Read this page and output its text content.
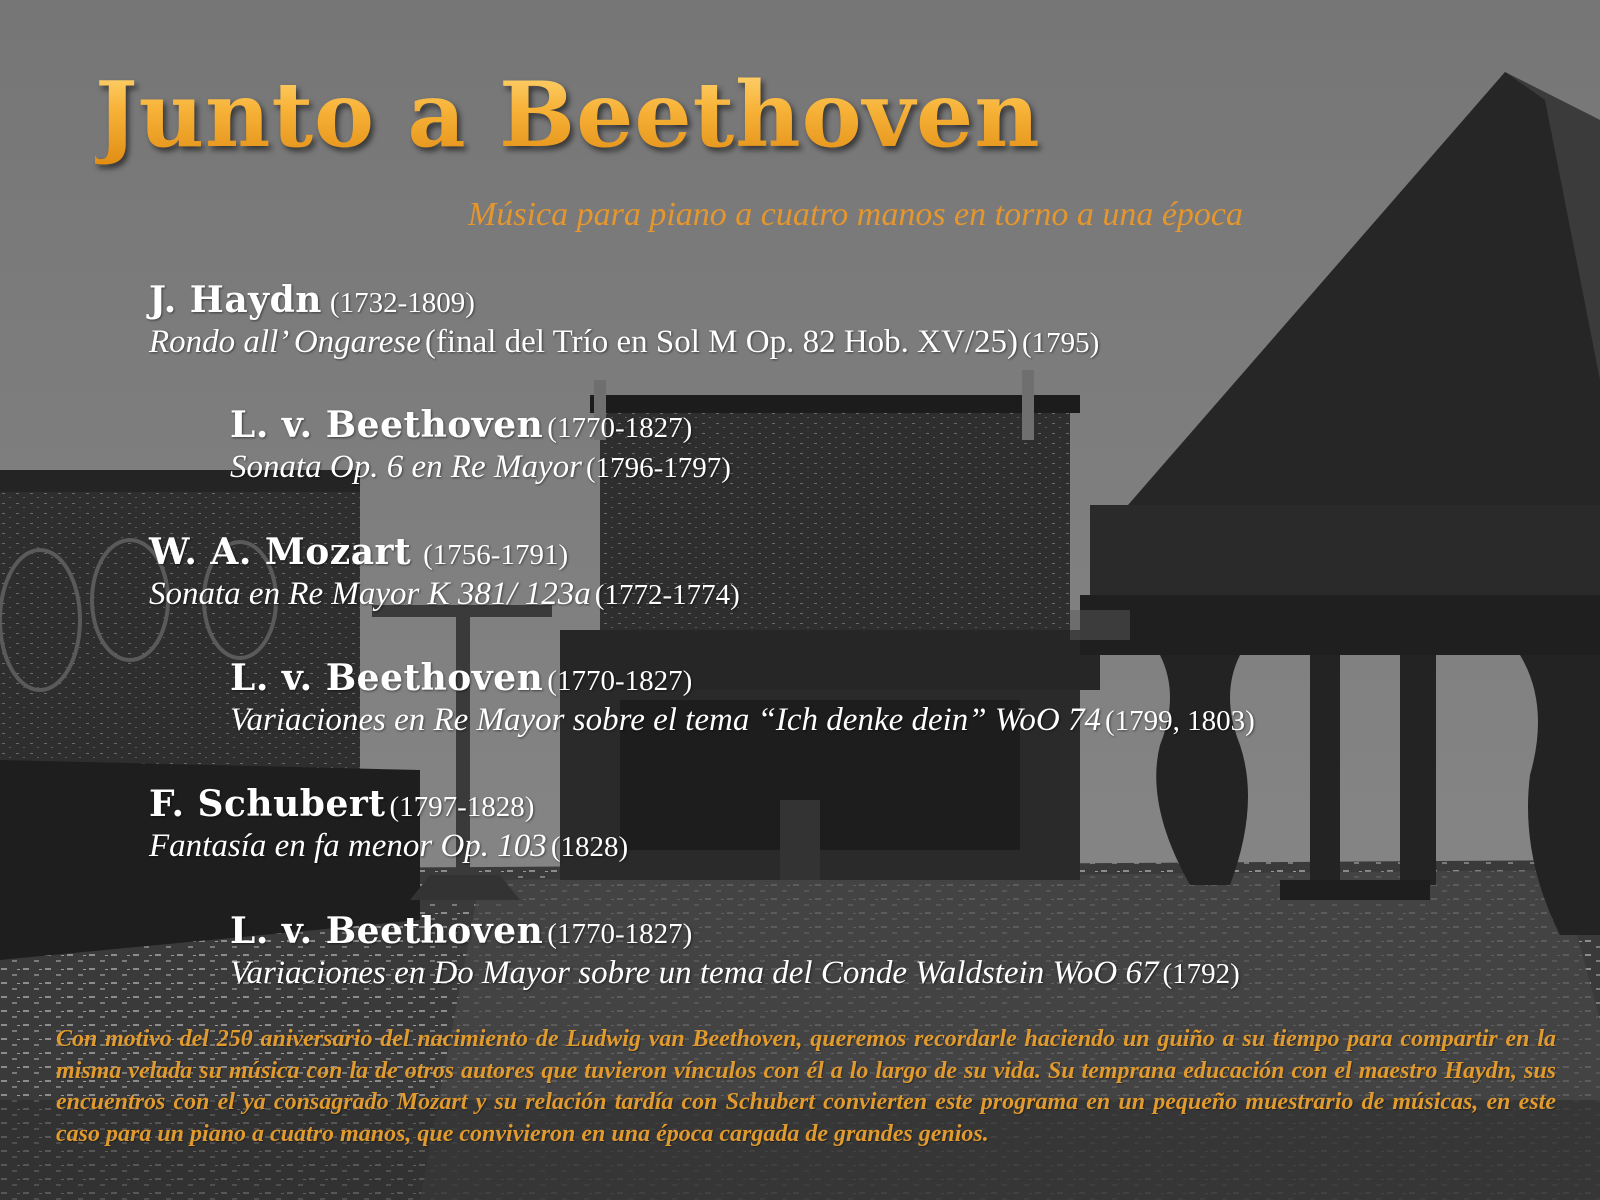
Junto a Beethoven
Música para piano a cuatro manos en torno a una época
J. Haydn (1732-1809)
Rondo all’ Ongarese (final del Trío en Sol M Op. 82 Hob. XV/25) (1795)
L. v. Beethoven (1770-1827)
Sonata Op. 6 en Re Mayor (1796-1797)
W. A. Mozart (1756-1791)
Sonata en Re Mayor K 381/ 123a (1772-1774)
L. v. Beethoven (1770-1827)
Variaciones en Re Mayor sobre el tema “Ich denke dein” WoO 74 (1799, 1803)
F. Schubert (1797-1828)
Fantasía en fa menor Op. 103 (1828)
L. v. Beethoven (1770-1827)
Variaciones en Do Mayor sobre un tema del Conde Waldstein WoO 67 (1792)

Con motivo del 250 aniversario del nacimiento de Ludwig van Beethoven, queremos recordarle haciendo un guiño a su tiempo para compartir en la misma velada su música con la de otros autores que tuvieron vínculos con él a lo largo de su vida. Su temprana educación con el maestro Haydn, sus encuentros con el ya consagrado Mozart y su relación tardía con Schubert convierten este programa en un pequeño muestrario de músicas, en este caso para un piano a cuatro manos, que convivieron en una época cargada de grandes genios.
